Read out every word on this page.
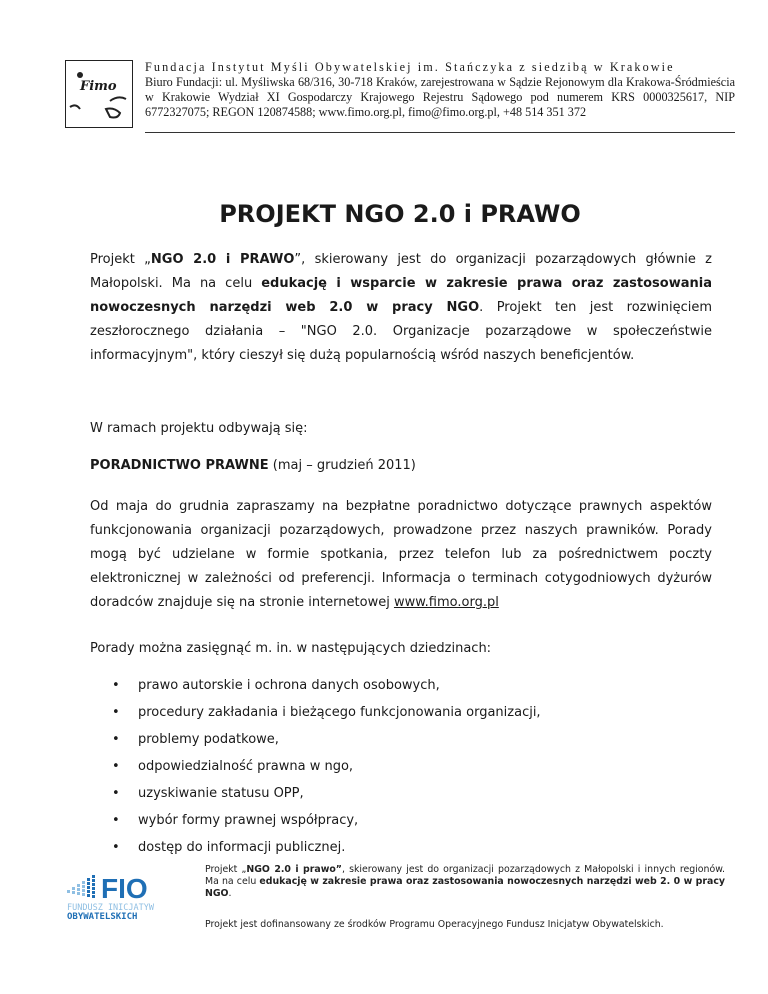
Fimo
Fundacja Instytut Myśli Obywatelskiej im. Stańczyka z siedzibą w Krakowie
Biuro Fundacji: ul. Myśliwska 68/316, 30-718 Kraków, zarejestrowana w Sądzie Rejonowym dla Krakowa-Śródmieścia w Krakowie Wydział XI Gospodarczy Krajowego Rejestru Sądowego pod numerem KRS 0000325617, NIP 6772327075; REGON 120874588; www.fimo.org.pl, fimo@fimo.org.pl, +48 514 351 372
PROJEKT NGO 2.0 i PRAWO

Projekt „NGO 2.0 i PRAWO”, skierowany jest do organizacji pozarządowych głównie z Małopolski. Ma na celu edukację i wsparcie w zakresie prawa oraz zastosowania nowoczesnych narzędzi web 2.0 w pracy NGO. Projekt ten jest rozwinięciem zeszłorocznego działania – "NGO 2.0. Organizacje pozarządowe w społeczeństwie informacyjnym", który cieszył się dużą popularnością wśród naszych beneficjentów.

W ramach projektu odbywają się:

PORADNICTWO PRAWNE (maj – grudzień 2011)

Od maja do grudnia zapraszamy na bezpłatne poradnictwo dotyczące prawnych aspektów funkcjonowania organizacji pozarządowych, prowadzone przez naszych prawników. Porady mogą być udzielane w formie spotkania, przez telefon lub za pośrednictwem poczty elektronicznej w zależności od preferencji. Informacja o terminach cotygodniowych dyżurów doradców znajduje się na stronie internetowej www.fimo.org.pl

Porady można zasięgnąć m. in. w następujących dziedzinach:

• prawo autorskie i ochrona danych osobowych,
• procedury zakładania i bieżącego funkcjonowania organizacji,
• problemy podatkowe,
• odpowiedzialność prawna w ngo,
• uzyskiwanie statusu OPP,
• wybór formy prawnej współpracy,
• dostęp do informacji publicznej.
FIO
FUNDUSZ INICJATYW
OBYWATELSKICH
Projekt „NGO 2.0 i prawo”, skierowany jest do organizacji pozarządowych z Małopolski i innych regionów. Ma na celu edukację w zakresie prawa oraz zastosowania nowoczesnych narzędzi web 2. 0 w pracy NGO.
Projekt jest dofinansowany ze środków Programu Operacyjnego Fundusz Inicjatyw Obywatelskich.
